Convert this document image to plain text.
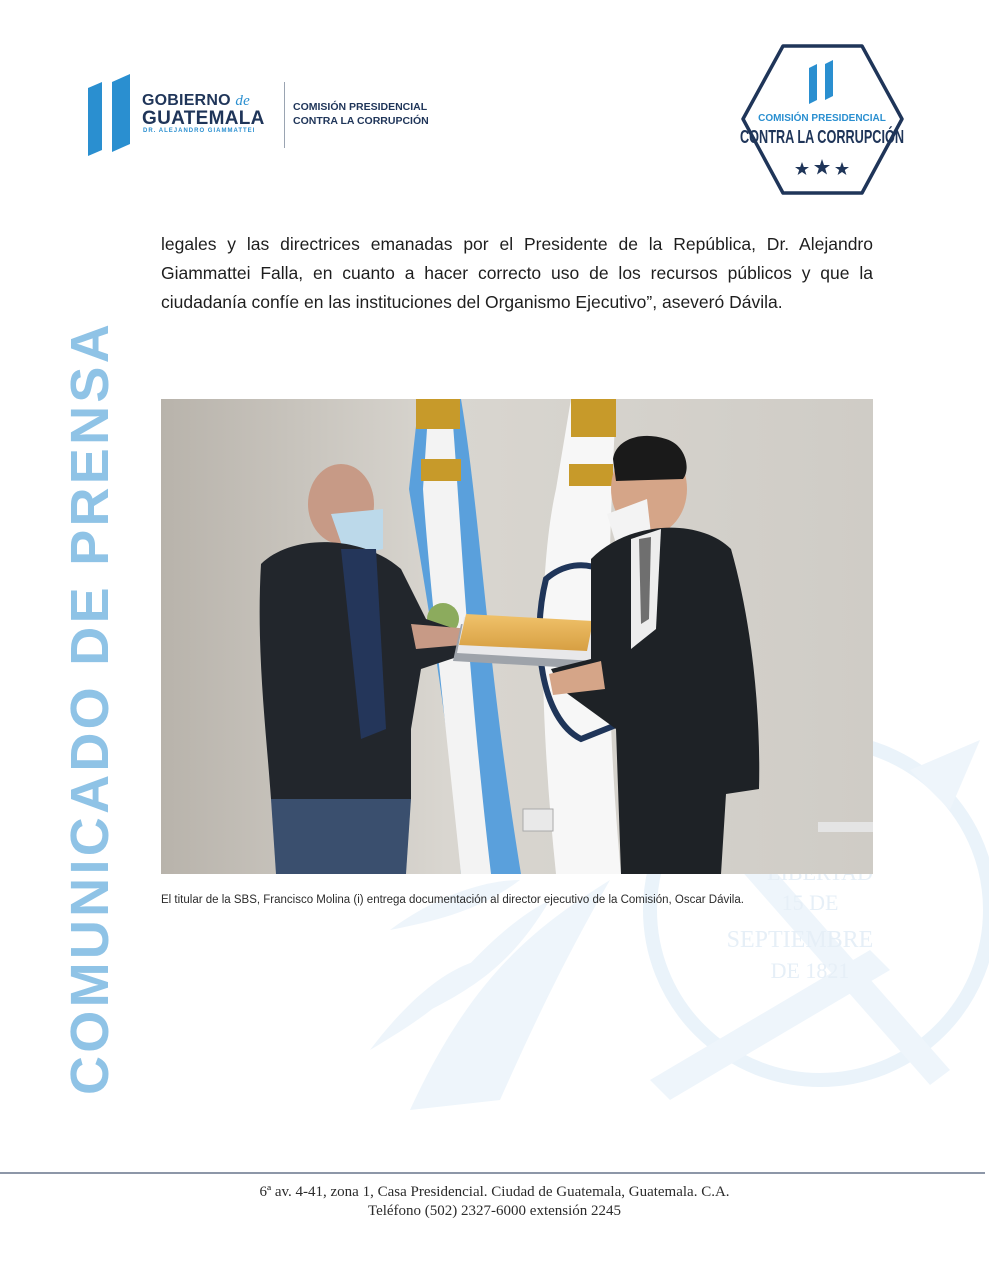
15 DE
SEPTIEMBRE
DE 1821
GOBIERNO de
GUATEMALA
DR. ALEJANDRO GIAMMATTEI
COMISIÓN PRESIDENCIAL
CONTRA LA CORRUPCIÓN	COMISIÓN PRESIDENCIAL
CONTRA LA CORRUPCIÓN
COMUNICADO DE PRENSA

legales y las directrices emanadas por el Presidente de la República, Dr. Alejandro Giammattei Falla, en cuanto a hacer correcto uso de los recursos públicos y que la ciudadanía confíe en las instituciones del Organismo Ejecutivo”, aseveró Dávila.

El titular de la SBS, Francisco Molina (i) entrega documentación al director ejecutivo de la Comisión, Oscar Dávila.

6ª av. 4-41, zona 1, Casa Presidencial. Ciudad de Guatemala, Guatemala. C.A.
Teléfono (502) 2327-6000 extensión 2245
